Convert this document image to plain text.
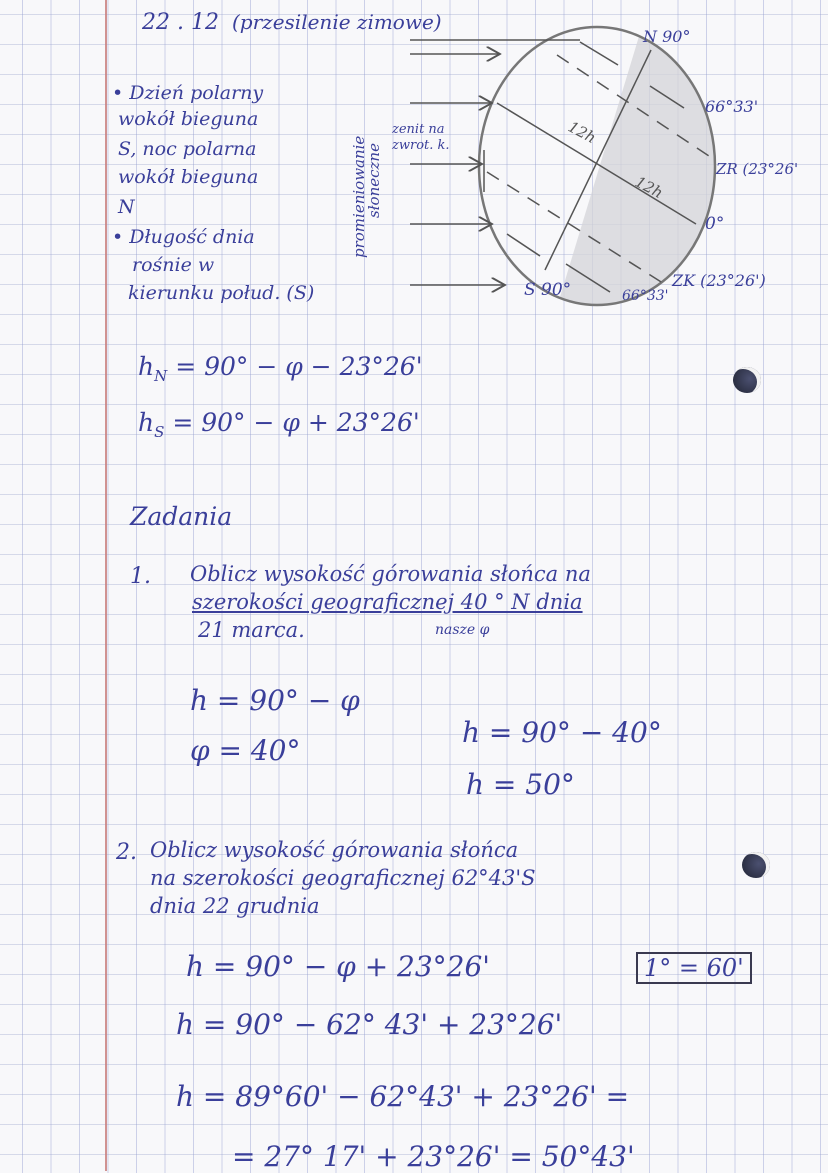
22 . 12 (przesilenie zimowe)
• Dzień polarny
wokół bieguna
S, noc polarna
wokół bieguna
N
• Długość dnia
rośnie w
kierunku połud. (S)
promieniowanie
słoneczne
zenit na
zwrot. k.	12h
12h
N 90°
66°33'
ZR (23°26'
0°
ZK (23°26')
S 90°	66°33'
$h_N = 90^\circ - \varphi - 23^\circ 26'$
$h_S = 90^\circ - \varphi + 23^\circ 26'$
Zadania
1. Oblicz wysokość górowania słońca na
szerokości geograficznej 40 ° N dnia
21 marca.	nasze φ
h = 90° − φ
φ = 40°
h = 90° − 40°
h = 50°
2. Oblicz wysokość górowania słońca
na szerokości geograficznej 62°43'S
dnia 22 grudnia
h = 90° − φ + 23°26'	1° = 60'
h = 90° − 62° 43' + 23°26'
h = 89°60' − 62°43' + 23°26' =
= 27° 17' + 23°26' = 50°43'
